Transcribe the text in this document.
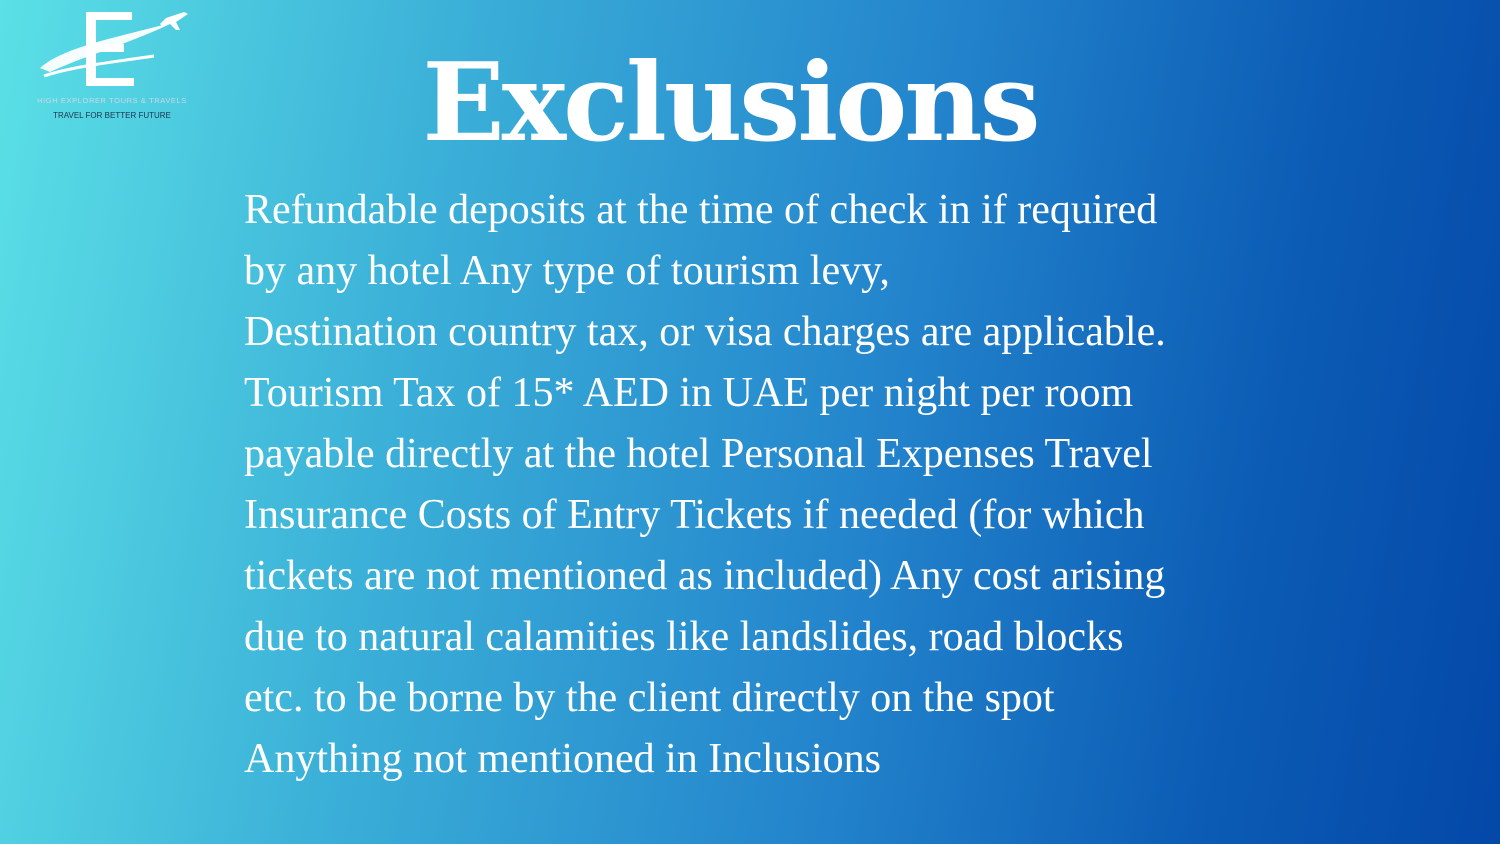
HIGH EXPLORER TOURS & TRAVELS
TRAVEL FOR BETTER FUTURE	Exclusions
Refundable deposits at the time of check in if required
by any hotel Any type of tourism levy,
Destination country tax, or visa charges are applicable.
Tourism Tax of 15* AED in UAE per night per room
payable directly at the hotel Personal Expenses Travel
Insurance Costs of Entry Tickets if needed (for which
tickets are not mentioned as included) Any cost arising
due to natural calamities like landslides, road blocks
etc. to be borne by the client directly on the spot
Anything not mentioned in Inclusions
